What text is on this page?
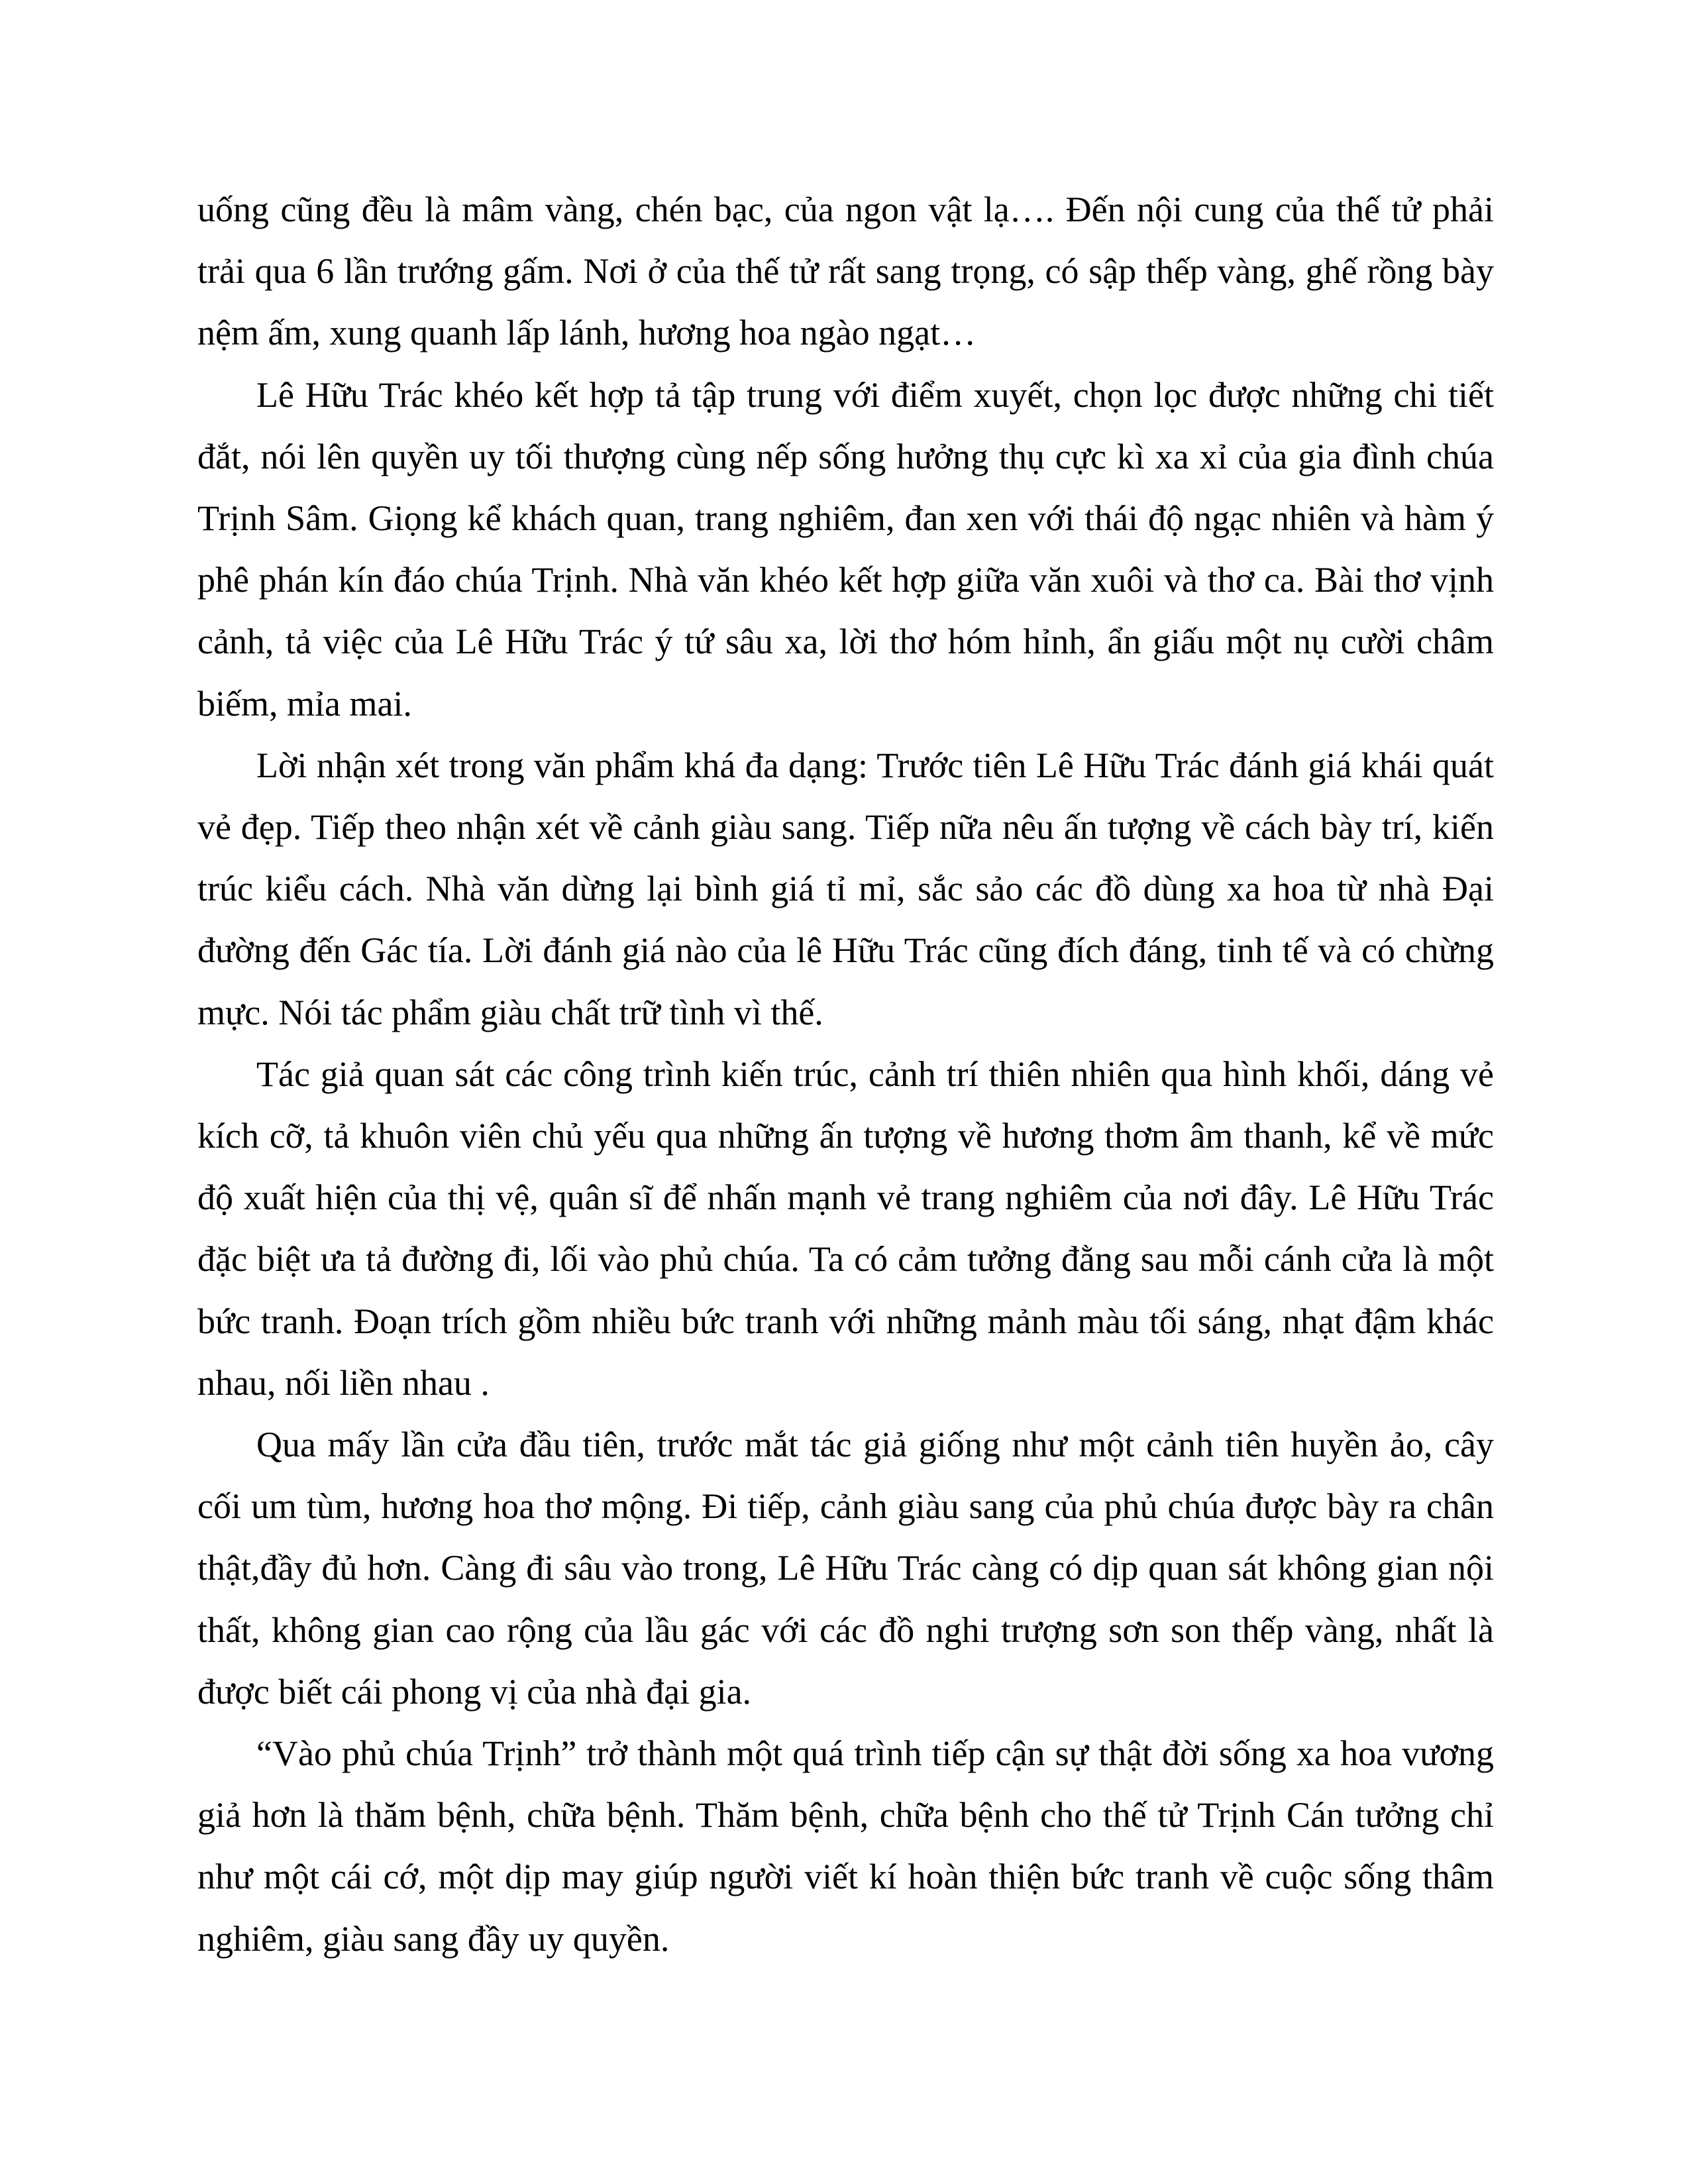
uống cũng đều là mâm vàng, chén bạc, của ngon vật lạ…. Đến nội cung của thế tử phải trải qua 6 lần trướng gấm. Nơi ở của thế tử rất sang trọng, có sập thếp vàng, ghế rồng bày nệm ấm, xung quanh lấp lánh, hương hoa ngào ngạt…

Lê Hữu Trác khéo kết hợp tả tập trung với điểm xuyết, chọn lọc được những chi tiết đắt, nói lên quyền uy tối thượng cùng nếp sống hưởng thụ cực kì xa xỉ của gia đình chúa Trịnh Sâm. Giọng kể khách quan, trang nghiêm, đan xen với thái độ ngạc nhiên và hàm ý phê phán kín đáo chúa Trịnh. Nhà văn khéo kết hợp giữa văn xuôi và thơ ca. Bài thơ vịnh cảnh, tả việc của Lê Hữu Trác ý tứ sâu xa, lời thơ hóm hỉnh, ẩn giấu một nụ cười châm biếm, mỉa mai.

Lời nhận xét trong văn phẩm khá đa dạng: Trước tiên Lê Hữu Trác đánh giá khái quát vẻ đẹp. Tiếp theo nhận xét về cảnh giàu sang. Tiếp nữa nêu ấn tượng về cách bày trí, kiến trúc kiểu cách. Nhà văn dừng lại bình giá tỉ mỉ, sắc sảo các đồ dùng xa hoa từ nhà Đại đường đến Gác tía. Lời đánh giá nào của lê Hữu Trác cũng đích đáng, tinh tế và có chừng mực. Nói tác phẩm giàu chất trữ tình vì thế.

Tác giả quan sát các công trình kiến trúc, cảnh trí thiên nhiên qua hình khối, dáng vẻ kích cỡ, tả khuôn viên chủ yếu qua những ấn tượng về hương thơm âm thanh, kể về mức độ xuất hiện của thị vệ, quân sĩ để nhấn mạnh vẻ trang nghiêm của nơi đây. Lê Hữu Trác đặc biệt ưa tả đường đi, lối vào phủ chúa. Ta có cảm tưởng đằng sau mỗi cánh cửa là một bức tranh. Đoạn trích gồm nhiều bức tranh với những mảnh màu tối sáng, nhạt đậm khác nhau, nối liền nhau .

Qua mấy lần cửa đầu tiên, trước mắt tác giả giống như một cảnh tiên huyền ảo, cây cối um tùm, hương hoa thơ mộng. Đi tiếp, cảnh giàu sang của phủ chúa được bày ra chân thật,đầy đủ hơn. Càng đi sâu vào trong, Lê Hữu Trác càng có dịp quan sát không gian nội thất, không gian cao rộng của lầu gác với các đồ nghi trượng sơn son thếp vàng, nhất là được biết cái phong vị của nhà đại gia.

“Vào phủ chúa Trịnh” trở thành một quá trình tiếp cận sự thật đời sống xa hoa vương giả hơn là thăm bệnh, chữa bệnh. Thăm bệnh, chữa bệnh cho thế tử Trịnh Cán tưởng chỉ như một cái cớ, một dịp may giúp người viết kí hoàn thiện bức tranh về cuộc sống thâm nghiêm, giàu sang đầy uy quyền.
